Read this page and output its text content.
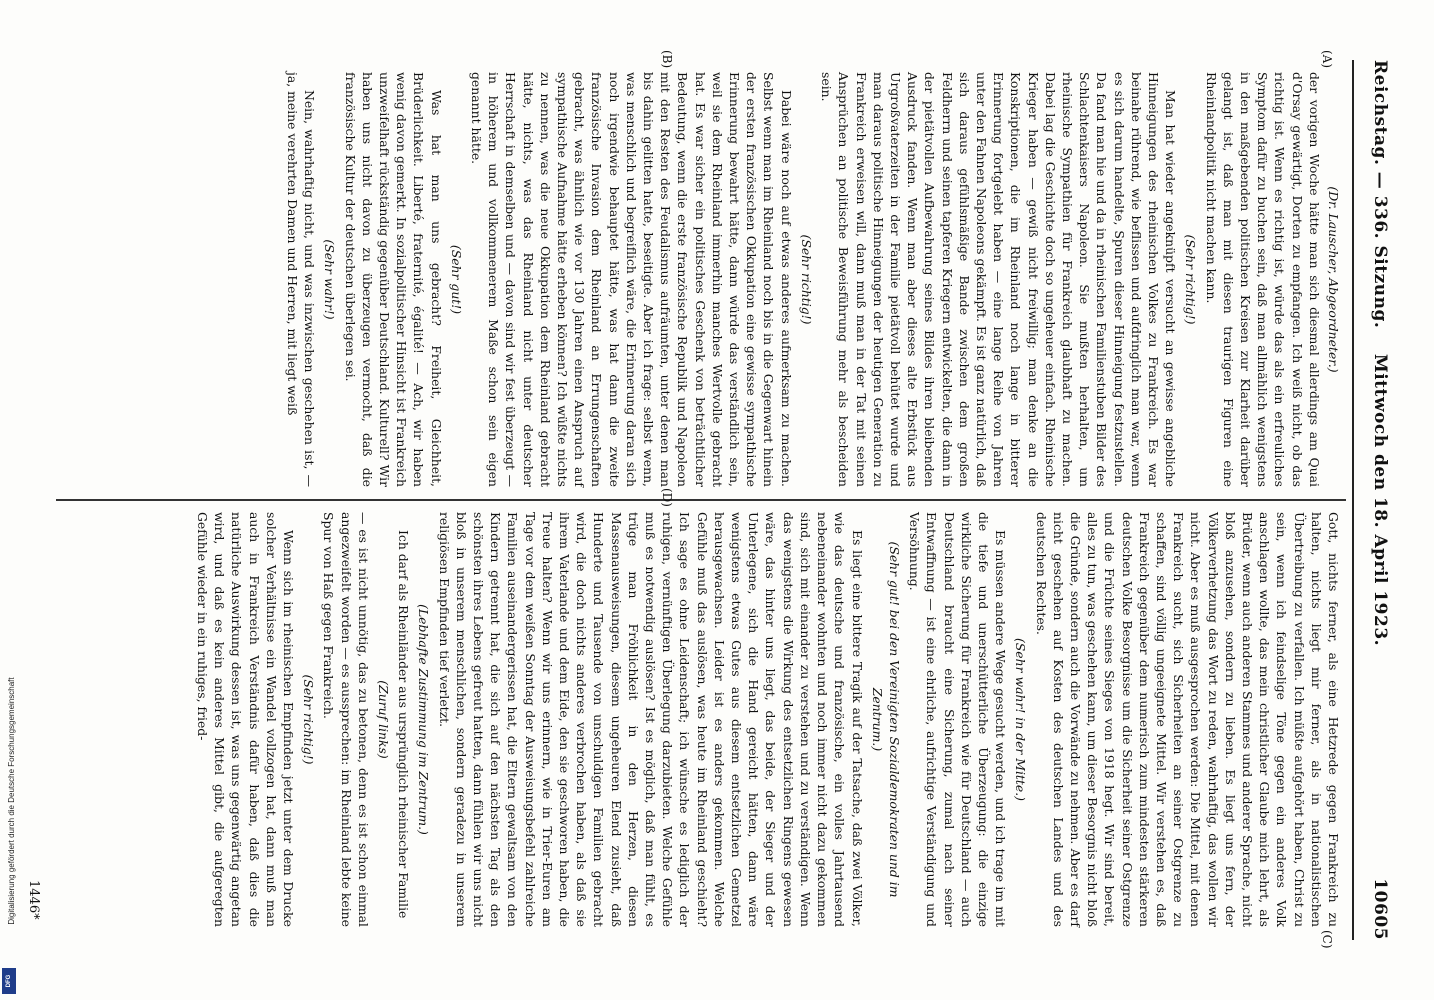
Reichstag. — 336. Sitzung.
Mittwoch den 18. April 1923.
10605
(A)
(B)
(C)
(D)

(Dr. Lauscher, Abgeordneter.)

der vorigen Woche hätte man sich diesmal allerdings am Quai d'Orsay gewärtigt, Dorten zu empfangen. Ich weiß nicht, ob das richtig ist. Wenn es richtig ist, würde das als ein erfreuliches Symptom dafür zu buchen sein, daß man allmählich wenigstens in den maßgebenden politischen Kreisen zur Klarheit darüber gelangt ist, daß man mit diesen traurigen Figuren eine Rheinlandpolitik nicht machen kann.

(Sehr richtig!)

Man hat wieder angeknüpft versucht an gewisse angebliche Hinneigungen des rheinischen Volkes zu Frankreich. Es war beinahe rührend, wie beflissen und aufdringlich man war, wenn es sich darum handelte, Spuren dieser Hinneigung festzustellen. Da fand man hie und da in rheinischen Familienstuben Bilder des Schlachtenkaisers Napoleon. Sie mußten herhalten, um rheinische Sympathien für Frankreich glaubhaft zu machen. Dabei lag die Geschichte doch so ungeheuer einfach. Rheinische Krieger haben — gewiß nicht freiwillig; man denke an die Konskriptionen, die im Rheinland noch lange in bitterer Erinnerung fortgelebt haben — eine lange Reihe von Jahren unter den Fahnen Napoleons gekämpft. Es ist ganz natürlich, daß sich daraus gefühlsmäßige Bande zwischen dem großen Feldherrn und seinen tapferen Kriegern entwickelten, die dann in der pietätvollen Aufbewahrung seines Bildes ihren bleibenden Ausdruck fanden. Wenn man aber dieses alte Erbstück aus Urgroßvaterzeiten in der Familie pietätvoll behütet wurde und man daraus politische Hinneigungen der heutigen Generation zu Frankreich erweisen will, dann muß man in der Tat mit seinen Ansprüchen an politische Beweisführung mehr als bescheiden sein.

(Sehr richtig!)

Dabei wäre noch auf etwas anderes aufmerksam zu machen. Selbst wenn man im Rheinland noch bis in die Gegenwart hinein der ersten französischen Okkupation eine gewisse sympathische Erinnerung bewahrt hätte, dann würde das verständlich sein, weil sie dem Rheinland immerhin manches Wertvolle gebracht hat. Es war sicher ein politisches Geschenk von beträchtlicher Bedeutung, wenn die erste französische Republik und Napoleon mit den Resten des Feudalismus aufräumten, unter denen man bis dahin gelitten hatte, beseitigte. Aber ich frage: selbst wenn, was menschlich und begreiflich wäre, die Erinnerung daran sich noch irgendwie behauptet hätte, was hat dann die zweite französische Invasion dem Rheinland an Errungenschaften gebracht, was ähnlich wie vor 130 Jahren einen Anspruch auf sympathische Aufnahme hätte erheben können? Ich wüßte nichts zu nennen, was die neue Okkupation dem Rheinland gebracht hätte, nichts, was das Rheinland nicht unter deutscher Herrschaft in demselben und — davon sind wir fest überzeugt — in höherem und vollkommenerem Maße schon sein eigen genannt hätte.

(Sehr gut!)

Was hat man uns gebracht? Freiheit, Gleichheit, Brüderlichkeit. Liberté, fraternité, égalité! — Ach, wir haben wenig davon gemerkt. In sozialpolitischer Hinsicht ist Frankreich unzweifelhaft rückständig gegenüber Deutschland. Kulturell? Wir haben uns nicht davon zu überzeugen vermocht, daß die französische Kultur der deutschen überlegen sei.

(Sehr wahr!)

Nein, wahrhaftig nicht, und was inzwischen geschehen ist, — ja, meine verehrten Damen und Herren, mit liegt weiß

Gott, nichts ferner, als eine Hetzrede gegen Frankreich zu halten, nichts liegt mir ferner, als in nationalistischen Übertreibung zu verfallen. Ich müßte aufgehört haben, Christ zu sein, wenn ich feindselige Töne gegen ein anderes Volk anschlagen wollte, das mein christlicher Glaube mich lehrt, als Brüder, wenn auch anderen Stammes und anderer Sprache, nicht bloß anzusehen, sondern zu lieben. Es liegt uns fern, der Völkerverhetzung das Wort zu reden, wahrhaftig, das wollen wir nicht. Aber es muß ausgesprochen werden: Die Mittel, mit denen Frankreich sucht, sich Sicherheiten an seiner Ostgrenze zu schaffen, sind völlig ungeeignete Mittel. Wir verstehen es, daß Frankreich gegenüber dem numerisch zum mindesten stärkeren deutschen Volke Besorgnisse um die Sicherheit seiner Ostgrenze und die Früchte seines Sieges von 1918 hegt. Wir sind bereit, alles zu tun, was geschehen kann, um dieser Besorgnis nicht bloß die Gründe, sondern auch die Vorwände zu nehmen. Aber es darf nicht geschehen auf Kosten des deutschen Landes und des deutschen Rechtes.

(Sehr wahr! in der Mitte.)

Es müssen andere Wege gesucht werden, und ich trage im mit die tiefe und unerschütterliche Überzeugung: die einzige wirkliche Sicherung für Frankreich wie für Deutschland — auch Deutschland braucht eine Sicherung, zumal nach seiner Entwaffnung — ist eine ehrliche, aufrichtige Verständigung und Versöhnung.

(Sehr gut! bei den Vereinigten Sozialdemokraten und im Zentrum.)

Es liegt eine bittere Tragik auf der Tatsache, daß zwei Völker, wie das deutsche und französische, ein volles Jahrtausend nebeneinander wohnten und noch immer nicht dazu gekommen sind, sich mit einander zu verstehen und zu verständigen. Wenn das wenigstens die Wirkung des entsetzlichen Ringens gewesen wäre, das hinter uns liegt, das beide, der Sieger und der Unterlegene, sich die Hand gereicht hätten, dann wäre wenigstens etwas Gutes aus diesem entsetzlichen Gemetzel herausgewachsen. Leider ist es anders gekommen. Welche Gefühle muß das auslösen, was heute im Rheinland geschieht? Ich sage es ohne Leidenschaft; ich wünsche es lediglich der ruhigen, vernünftigen Überlegung darzubieten. Welche Gefühle muß es notwendig auslösen? Ist es möglich, daß man fühlt, es trüge man Fröhlichkeit in den Herzen, diesen Massenausweisungen, diesem ungeheuren Elend zusieht, daß Hunderte und Tausende von unschuldigen Familien gebracht wird, die doch nichts anderes verbrochen haben, als daß sie ihrem Vaterlande und dem Eide, den sie geschworen haben, die Treue halten? Wenn wir uns erinnern, wie in Trier-Euren am Tage vor dem weißen Sonntag der Ausweisungsbefehl zahlreiche Familien auseinandergerissen hat, die Eltern gewaltsam von den Kindern getrennt hat, die sich auf den nächsten Tag als den schönsten ihres Lebens gefreut hatten, dann fühlen wir uns nicht bloß in unserem menschlichen, sondern geradezu in unserem religiösen Empfinden tief verletzt.

(Lebhafte Zustimmung im Zentrum.)

Ich darf als Rheinländer aus ursprünglich rheinischer Familie

(Zuruf links)

— es ist nicht unnötig, das zu betonen, denn es ist schon einmal angezweifelt worden — es aussprechen: im Rheinland lebte keine Spur von Haß gegen Frankreich.

(Sehr richtig!)

Wenn sich im rheinischen Empfinden jetzt unter dem Drucke solcher Verhältnisse ein Wandel vollzogen hat, dann muß man auch in Frankreich Verständnis dafür haben, daß dies die natürliche Auswirkung dessen ist, was uns gegenwärtig angetan wird, und daß es kein anderes Mittel gibt, die aufgeregten Gefühle wieder in ein ruhiges, fried-

1446*
Digitalisierung gefördert durch die Deutsche Forschungsgemeinschaft
DFG
